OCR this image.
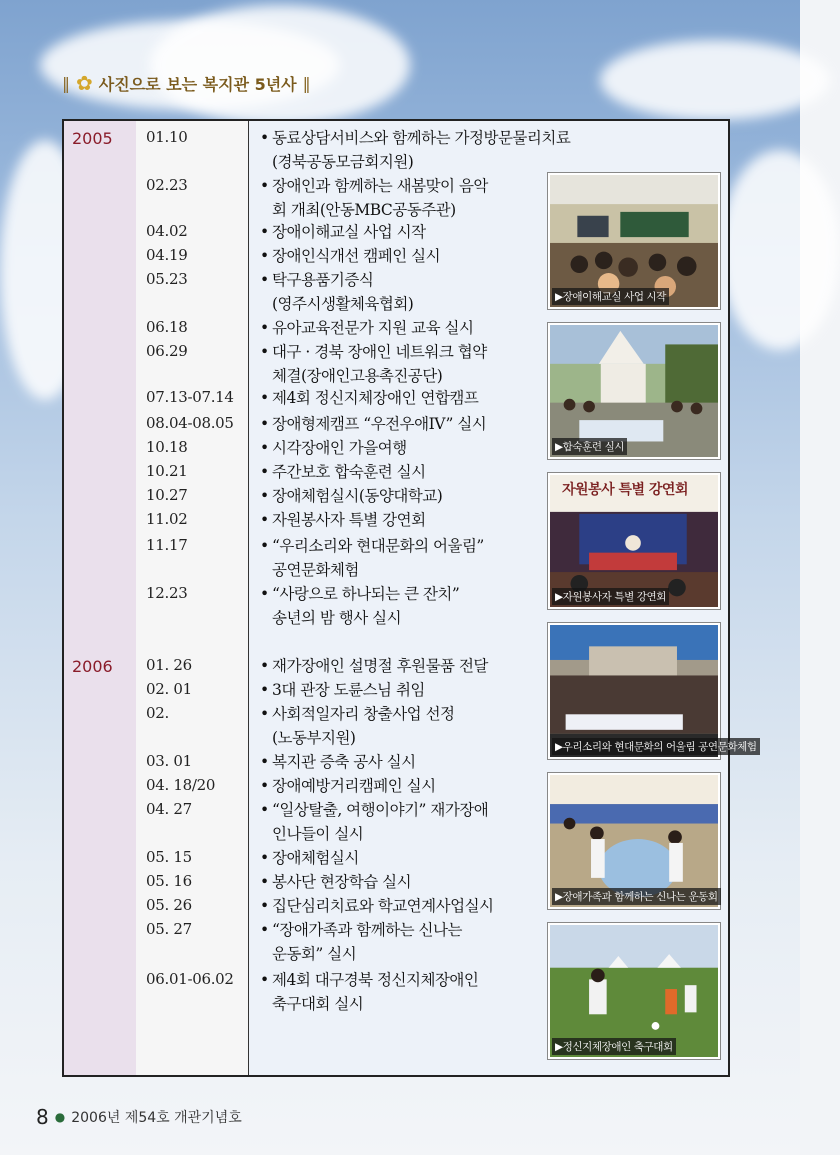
‖ ✿ 사진으로 보는 복지관 5년사 ‖
2005 01.10	• 동료상담서비스와 함께하는 가정방문물리치료
(경북공동모금회지원)
02.23	• 장애인과 함께하는 새봄맞이 음악
회 개최(안동MBC공동주관)
04.02	• 장애이해교실 사업 시작
04.19	• 장애인식개선 캠페인 실시
05.23	• 탁구용품기증식
(영주시생활체육협회)
06.18	• 유아교육전문가 지원 교육 실시
06.29	• 대구 · 경북 장애인 네트워크 협약
체결(장애인고용촉진공단)
07.13-07.14 • 제4회 정신지체장애인 연합캠프
08.04-08.05 • 장애형제캠프 “우전우애IV” 실시
10.18	• 시각장애인 가을여행
10.21	• 주간보호 합숙훈련 실시
10.27	• 장애체험실시(동양대학교)
11.02	• 자원봉사자 특별 강연회
11.17	• “우리소리와 현대문화의 어울림”
공연문화체험
12.23	• “사랑으로 하나되는 큰 잔치”
송년의 밤 행사 실시
2006 01. 26	• 재가장애인 설명절 후원물품 전달
02. 01	• 3대 관장 도륜스님 취임
02.	• 사회적일자리 창출사업 선정
(노동부지원)
03. 01	• 복지관 증축 공사 실시
04. 18/20	• 장애예방거리캠페인 실시
04. 27	• “일상탈출, 여행이야기” 재가장애
인나들이 실시
05. 15	• 장애체험실시
05. 16	• 봉사단 현장학습 실시
05. 26	• 집단심리치료와 학교연계사업실시
05. 27	• “장애가족과 함께하는 신나는
운동회” 실시
06.01-06.02 • 제4회 대구경북 정신지체장애인
축구대회 실시
▶장애이해교실 사업 시작
▶합숙훈련 실시
자원봉사 특별 강연회
▶자원봉사자 특별 강연회
▶우리소리와 현대문화의 어울림 공연문화체험
▶장애가족과 함께하는 신나는 운동회
▶정신지체장애인 축구대회
8 ● 2006년 제54호 개관기념호
